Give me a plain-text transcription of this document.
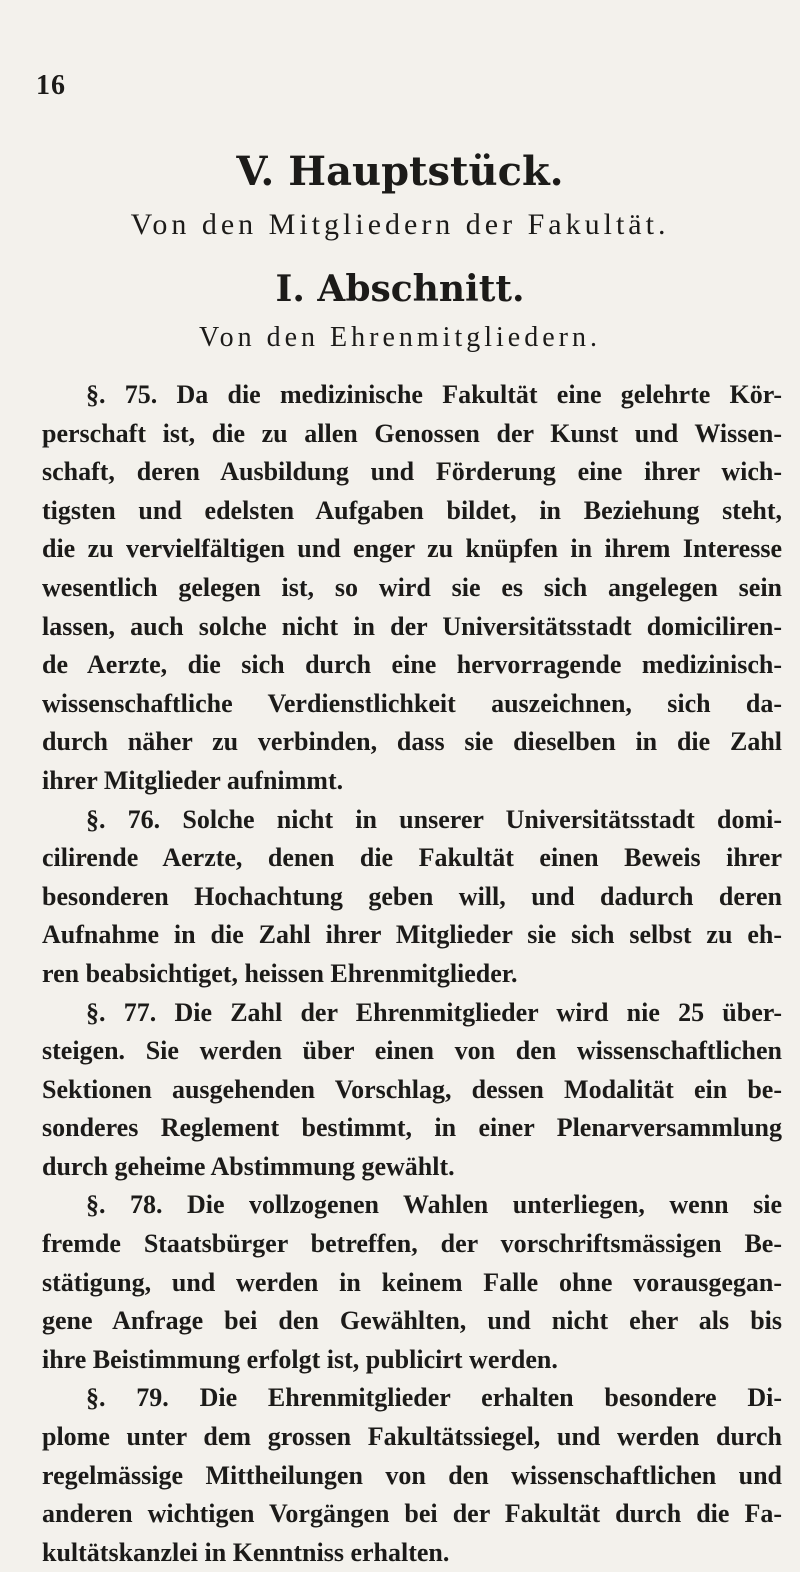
16
V. Hauptstück.
Von den Mitgliedern der Fakultät.
I. Abschnitt.
Von den Ehrenmitgliedern.
§. 75. Da die medizinische Fakultät eine gelehrte Kör-
perschaft ist, die zu allen Genossen der Kunst und Wissen-
schaft, deren Ausbildung und Förderung eine ihrer wich-
tigsten und edelsten Aufgaben bildet, in Beziehung steht,
die zu vervielfältigen und enger zu knüpfen in ihrem Interesse
wesentlich gelegen ist, so wird sie es sich angelegen sein
lassen, auch solche nicht in der Universitätsstadt domiciliren-
de Aerzte, die sich durch eine hervorragende medizinisch-
wissenschaftliche Verdienstlichkeit auszeichnen, sich da-
durch näher zu verbinden, dass sie dieselben in die Zahl
ihrer Mitglieder aufnimmt.
§. 76. Solche nicht in unserer Universitätsstadt domi-
cilirende Aerzte, denen die Fakultät einen Beweis ihrer
besonderen Hochachtung geben will, und dadurch deren
Aufnahme in die Zahl ihrer Mitglieder sie sich selbst zu eh-
ren beabsichtiget, heissen Ehrenmitglieder.
§. 77. Die Zahl der Ehrenmitglieder wird nie 25 über-
steigen. Sie werden über einen von den wissenschaftlichen
Sektionen ausgehenden Vorschlag, dessen Modalität ein be-
sonderes Reglement bestimmt, in einer Plenarversammlung
durch geheime Abstimmung gewählt.
§. 78. Die vollzogenen Wahlen unterliegen, wenn sie
fremde Staatsbürger betreffen, der vorschriftsmässigen Be-
stätigung, und werden in keinem Falle ohne vorausgegan-
gene Anfrage bei den Gewählten, und nicht eher als bis
ihre Beistimmung erfolgt ist, publicirt werden.
§. 79. Die Ehrenmitglieder erhalten besondere Di-
plome unter dem grossen Fakultätssiegel, und werden durch
regelmässige Mittheilungen von den wissenschaftlichen und
anderen wichtigen Vorgängen bei der Fakultät durch die Fa-
kultätskanzlei in Kenntniss erhalten.
